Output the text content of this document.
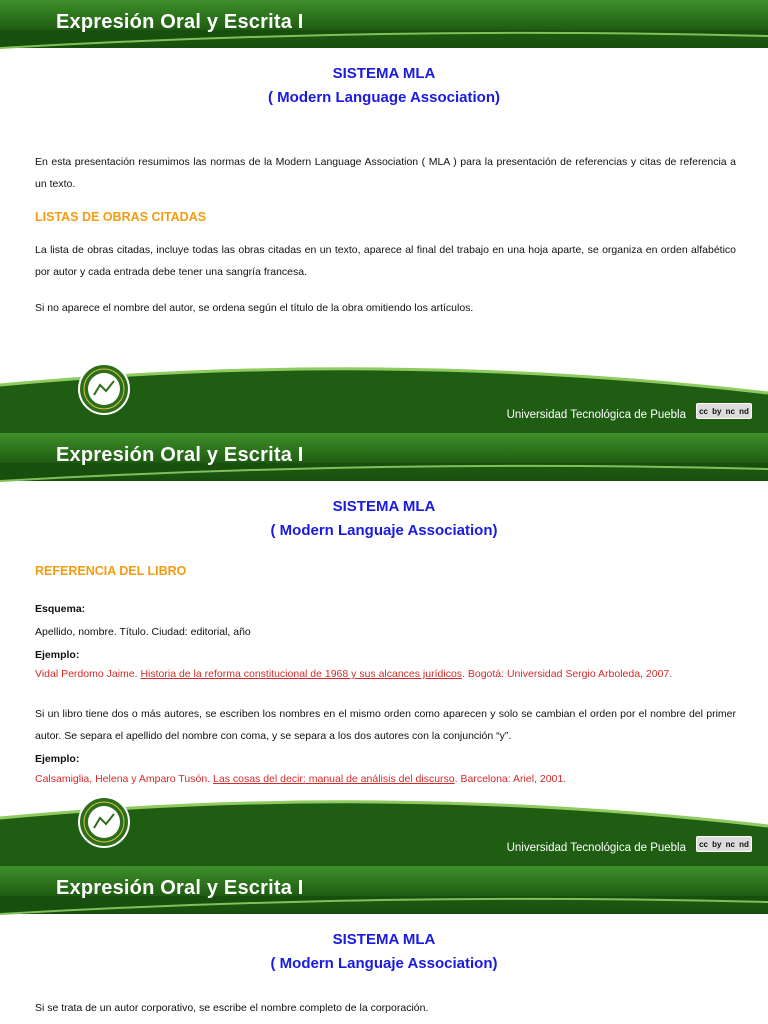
Expresión Oral y Escrita I
SISTEMA MLA
( Modern Language Association)
En esta presentación resumimos las normas de la Modern Language Association ( MLA ) para la presentación de referencias y citas de referencia a un texto.
LISTAS DE OBRAS CITADAS
La lista de obras citadas, incluye todas las obras citadas en un texto, aparece al final del trabajo en una hoja aparte, se organiza en orden alfabético por autor y cada entrada debe tener una sangría francesa.
Si no aparece el nombre del autor, se ordena según el título de la obra omitiendo los artículos.
Universidad Tecnológica de Puebla cc by nc nd
Expresión Oral y Escrita I
SISTEMA MLA
( Modern Languaje Association)
REFERENCIA DEL LIBRO
Esquema:
Apellido, nombre. Título. Ciudad: editorial, año
Ejemplo:
Vidal Perdomo Jaime. Historia de la reforma constitucional de 1968 y sus alcances jurídicos. Bogotá: Universidad Sergio Arboleda, 2007.
Si un libro tiene dos o más autores, se escriben los nombres en el mismo orden como aparecen y solo se cambian el orden por el nombre del primer autor. Se separa el apellido del nombre con coma, y se separa a los dos autores con la conjunción “y”.
Ejemplo:
Calsamiglia, Helena y Amparo Tusón. Las cosas del decir: manual de análisis del discurso. Barcelona: Ariel, 2001.
Universidad Tecnológica de Puebla cc by nc nd
Expresión Oral y Escrita I
SISTEMA MLA
( Modern Languaje Association)
Si se trata de un autor corporativo, se escribe el nombre completo de la corporación.
